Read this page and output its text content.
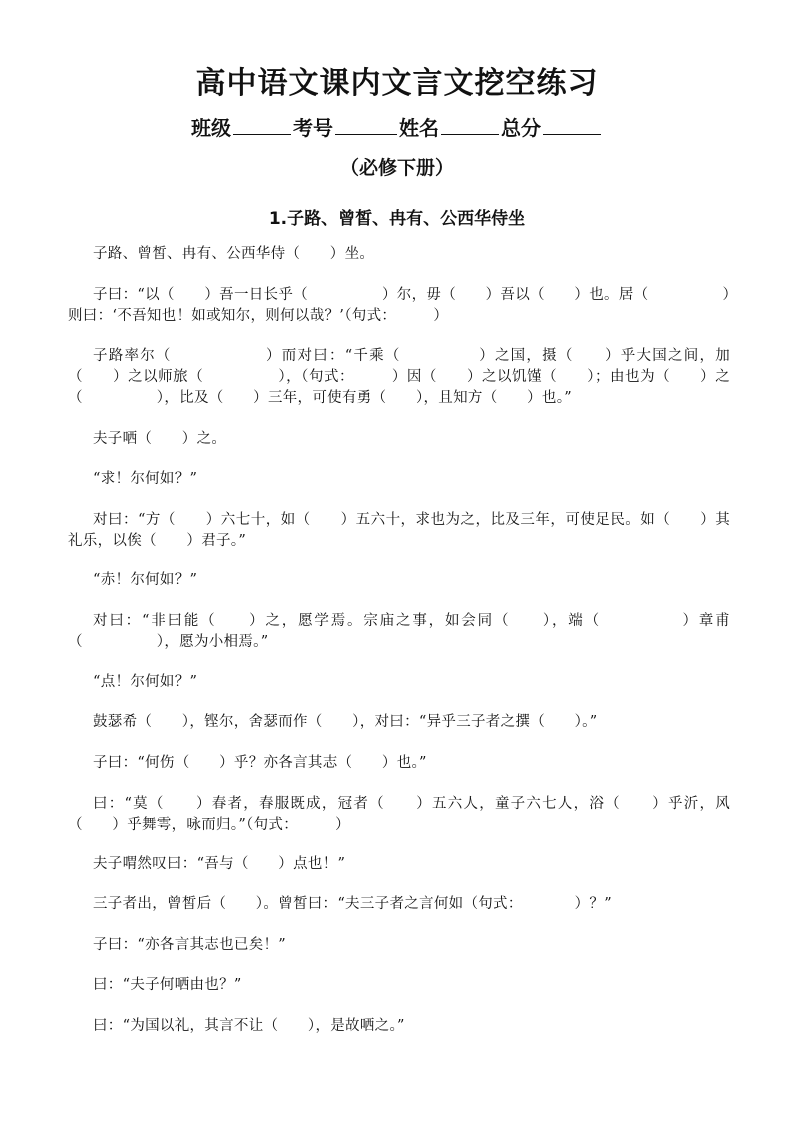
高中语文课内文言文挖空练习
班级	考号	姓名	总分
（必修下册）
1.子路、曾皙、冉有、公西华侍坐
子路、曾皙、冉有、公西华侍（　　）坐。
子曰：“以（　　）吾一日长乎（　　　　　）尔，毋（　　）吾以（　　）也。居（　　　　　）则曰：‘不吾知也！如或知尔，则何以哉？’（句式：　　　）
子路率尔（　　　　　　）而对曰：“千乘（　　　　　）之国，摄（　　）乎大国之间，加（　　）之以师旅（　　　　　），（句式：　　　）因（　　）之以饥馑（　　）；由也为（　　）之（　　　　　），比及（　　）三年，可使有勇（　　），且知方（　　）也。”
夫子哂（　　）之。
“求！尔何如？”
对曰：“方（　　）六七十，如（　　）五六十，求也为之，比及三年，可使足民。如（　　）其礼乐，以俟（　　）君子。”
“赤！尔何如？”
对曰：“非曰能（　　）之，愿学焉。宗庙之事，如会同（　　），端（　　　　　）章甫（　　　　　），愿为小相焉。”
“点！尔何如？”
鼓瑟希（　　），铿尔，舍瑟而作（　　），对曰：“异乎三子者之撰（　　）。”
子曰：“何伤（　　）乎？亦各言其志（　　）也。”
曰：“莫（　　）春者，春服既成，冠者（　　）五六人，童子六七人，浴（　　）乎沂，风（　　）乎舞雩，咏而归。”（句式：　　　）
夫子喟然叹曰：“吾与（　　）点也！”
三子者出，曾皙后（　　）。曾皙曰：“夫三子者之言何如（句式：　　　　）？”
子曰：“亦各言其志也已矣！”
曰：“夫子何哂由也？”
曰：“为国以礼，其言不让（　　），是故哂之。”
